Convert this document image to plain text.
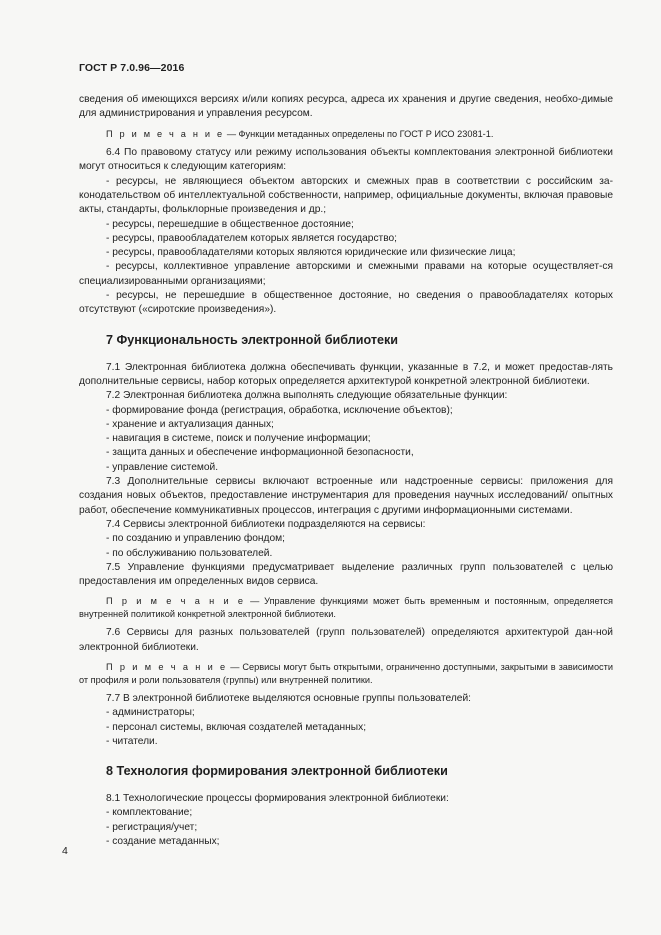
ГОСТ Р 7.0.96—2016

сведения об имеющихся версиях и/или копиях ресурса, адреса их хранения и другие сведения, необхо-димые для администрирования и управления ресурсом.

П р и м е ч а н и е — Функции метаданных определены по ГОСТ Р ИСО 23081-1.

6.4 По правовому статусу или режиму использования объекты комплектования электронной библиотеки могут относиться к следующим категориям:

- ресурсы, не являющиеся объектом авторских и смежных прав в соответствии с российским за-конодательством об интеллектуальной собственности, например, официальные документы, включая правовые акты, стандарты, фольклорные произведения и др.;

- ресурсы, перешедшие в общественное достояние;

- ресурсы, правообладателем которых является государство;

- ресурсы, правообладателями которых являются юридические или физические лица;

- ресурсы, коллективное управление авторскими и смежными правами на которые осуществляет-ся специализированными организациями;

- ресурсы, не перешедшие в общественное достояние, но сведения о правообладателях которых отсутствуют («сиротские произведения»).

7 Функциональность электронной библиотеки

7.1 Электронная библиотека должна обеспечивать функции, указанные в 7.2, и может предостав-лять дополнительные сервисы, набор которых определяется архитектурой конкретной электронной библиотеки.

7.2 Электронная библиотека должна выполнять следующие обязательные функции:

- формирование фонда (регистрация, обработка, исключение объектов);

- хранение и актуализация данных;

- навигация в системе, поиск и получение информации;

- защита данных и обеспечение информационной безопасности,

- управление системой.

7.3 Дополнительные сервисы включают встроенные или надстроенные сервисы: приложения для создания новых объектов, предоставление инструментария для проведения научных исследований/ опытных работ, обеспечение коммуникативных процессов, интеграция с другими информационными системами.

7.4 Сервисы электронной библиотеки подразделяются на сервисы:

- по созданию и управлению фондом;

- по обслуживанию пользователей.

7.5 Управление функциями предусматривает выделение различных групп пользователей с целью предоставления им определенных видов сервиса.

П р и м е ч а н и е — Управление функциями может быть временным и постоянным, определяется внутренней политикой конкретной электронной библиотеки.

7.6 Сервисы для разных пользователей (групп пользователей) определяются архитектурой дан-ной электронной библиотеки.

П р и м е ч а н и е — Сервисы могут быть открытыми, ограниченно доступными, закрытыми в зависимости от профиля и роли пользователя (группы) или внутренней политики.

7.7 В электронной библиотеке выделяются основные группы пользователей:

- администраторы;

- персонал системы, включая создателей метаданных;

- читатели.

8 Технология формирования электронной библиотеки

8.1 Технологические процессы формирования электронной библиотеки:

- комплектование;

- регистрация/учет;

- создание метаданных;

4
